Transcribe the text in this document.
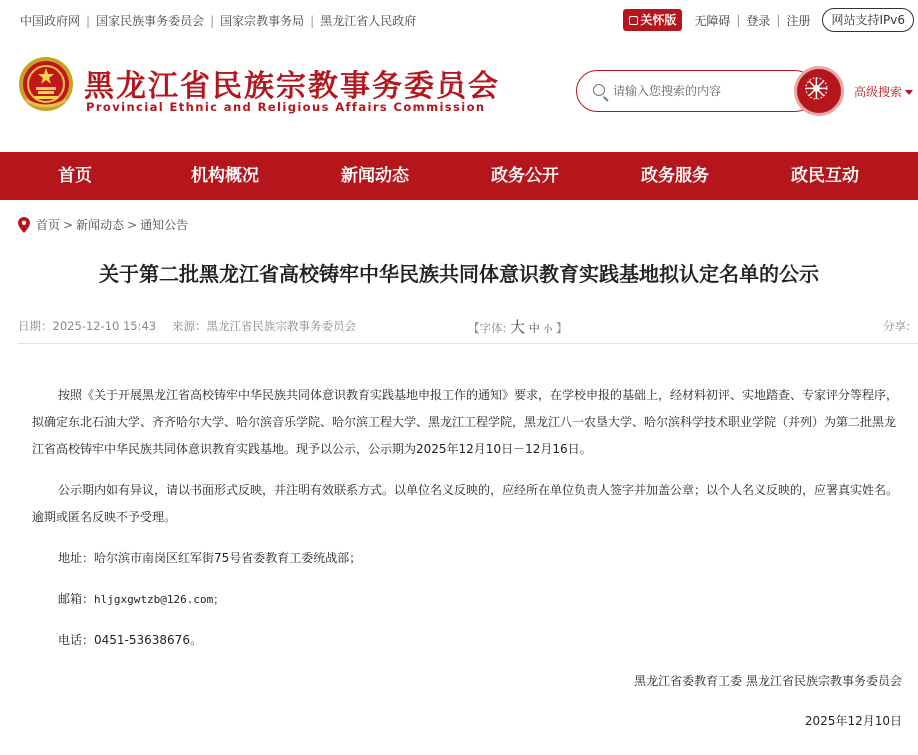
中国政府网 | 国家民族事务委员会 | 国家宗教事务局 | 黑龙江省人民政府	关怀版 无障碍 | 登录 | 注册	网站支持IPv6
黑龙江省民族宗教事务委员会
Provincial Ethnic and Religious Affairs Commission
请输入您搜索的内容
高级搜索
首页	机构概况	新闻动态	政务公开	政务服务	政民互动
首页 > 新闻动态 > 通知公告
关于第二批黑龙江省高校铸牢中华民族共同体意识教育实践基地拟认定名单的公示
日期：2025-12-10 15:43 来源：黑龙江省民族宗教事务委员会	【字体: 大 中 小 】	分享:

按照《关于开展黑龙江省高校铸牢中华民族共同体意识教育实践基地申报工作的通知》要求，在学校申报的基础上，经材料初评、实地踏查、专家评分等程序，拟确定东北石油大学、齐齐哈尔大学、哈尔滨音乐学院、哈尔滨工程大学、黑龙江工程学院，黑龙江八一农垦大学、哈尔滨科学技术职业学院（并列）为第二批黑龙江省高校铸牢中华民族共同体意识教育实践基地。现予以公示，公示期为2025年12月10日－12月16日。

公示期内如有异议，请以书面形式反映，并注明有效联系方式。以单位名义反映的，应经所在单位负责人签字并加盖公章；以个人名义反映的，应署真实姓名。逾期或匿名反映不予受理。

地址：哈尔滨市南岗区红军街75号省委教育工委统战部；

邮箱：hljgxgwtzb@126.com；

电话：0451-53638676。

黑龙江省委教育工委 黑龙江省民族宗教事务委员会
2025年12月10日
